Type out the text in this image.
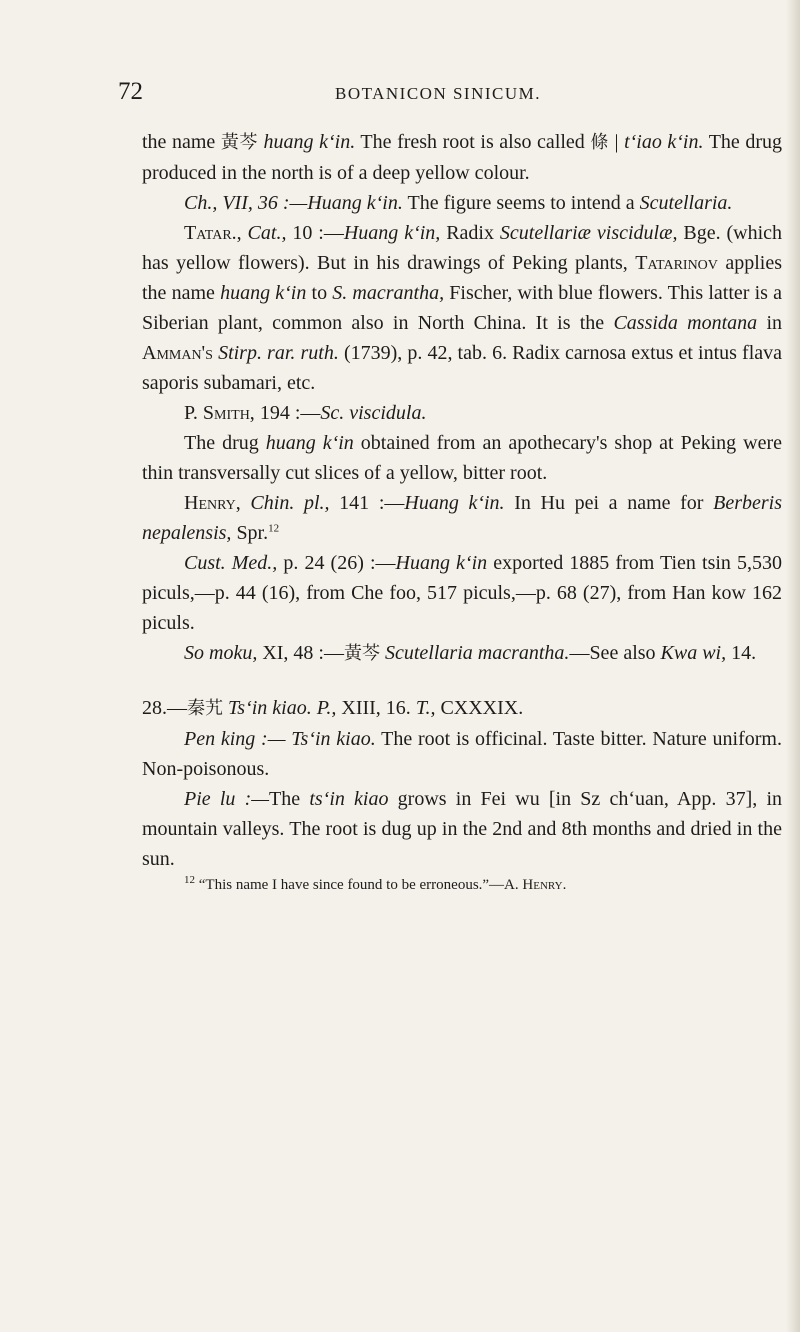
72	BOTANICON SINICUM.

the name 黃芩 huang k‘in. The fresh root is also called 條 | t‘iao k‘in. The drug produced in the north is of a deep yellow colour.

Ch., VII, 36 :—Huang k‘in. The figure seems to intend a Scutellaria.

Tatar., Cat., 10 :—Huang k‘in, Radix Scutellariæ viscidulæ, Bge. (which has yellow flowers). But in his drawings of Peking plants, Tatarinov applies the name huang k‘in to S. macrantha, Fischer, with blue flowers. This latter is a Siberian plant, common also in North China. It is the Cassida montana in Amman's Stirp. rar. ruth. (1739), p. 42, tab. 6. Radix carnosa extus et intus flava saporis subamari, etc.

P. Smith, 194 :—Sc. viscidula.

The drug huang k‘in obtained from an apothecary's shop at Peking were thin transversally cut slices of a yellow, bitter root.

Henry, Chin. pl., 141 :—Huang k‘in. In Hu pei a name for Berberis nepalensis, Spr.$^{12}$

Cust. Med., p. 24 (26) :—Huang k‘in exported 1885 from Tien tsin 5,530 piculs,—p. 44 (16), from Che foo, 517 piculs,—p. 68 (27), from Han kow 162 piculs.

So moku, XI, 48 :—黃芩 Scutellaria macrantha.—See also Kwa wi, 14.

28.—秦艽 Ts‘in kiao. P., XIII, 16. T., CXXXIX.

Pen king :— Ts‘in kiao. The root is officinal. Taste bitter. Nature uniform. Non-poisonous.

Pie lu :—The ts‘in kiao grows in Fei wu [in Sz ch‘uan, App. 37], in mountain valleys. The root is dug up in the 2nd and 8th months and dried in the sun.

$^{12}$ “This name I have since found to be erroneous.”—A. Henry.
